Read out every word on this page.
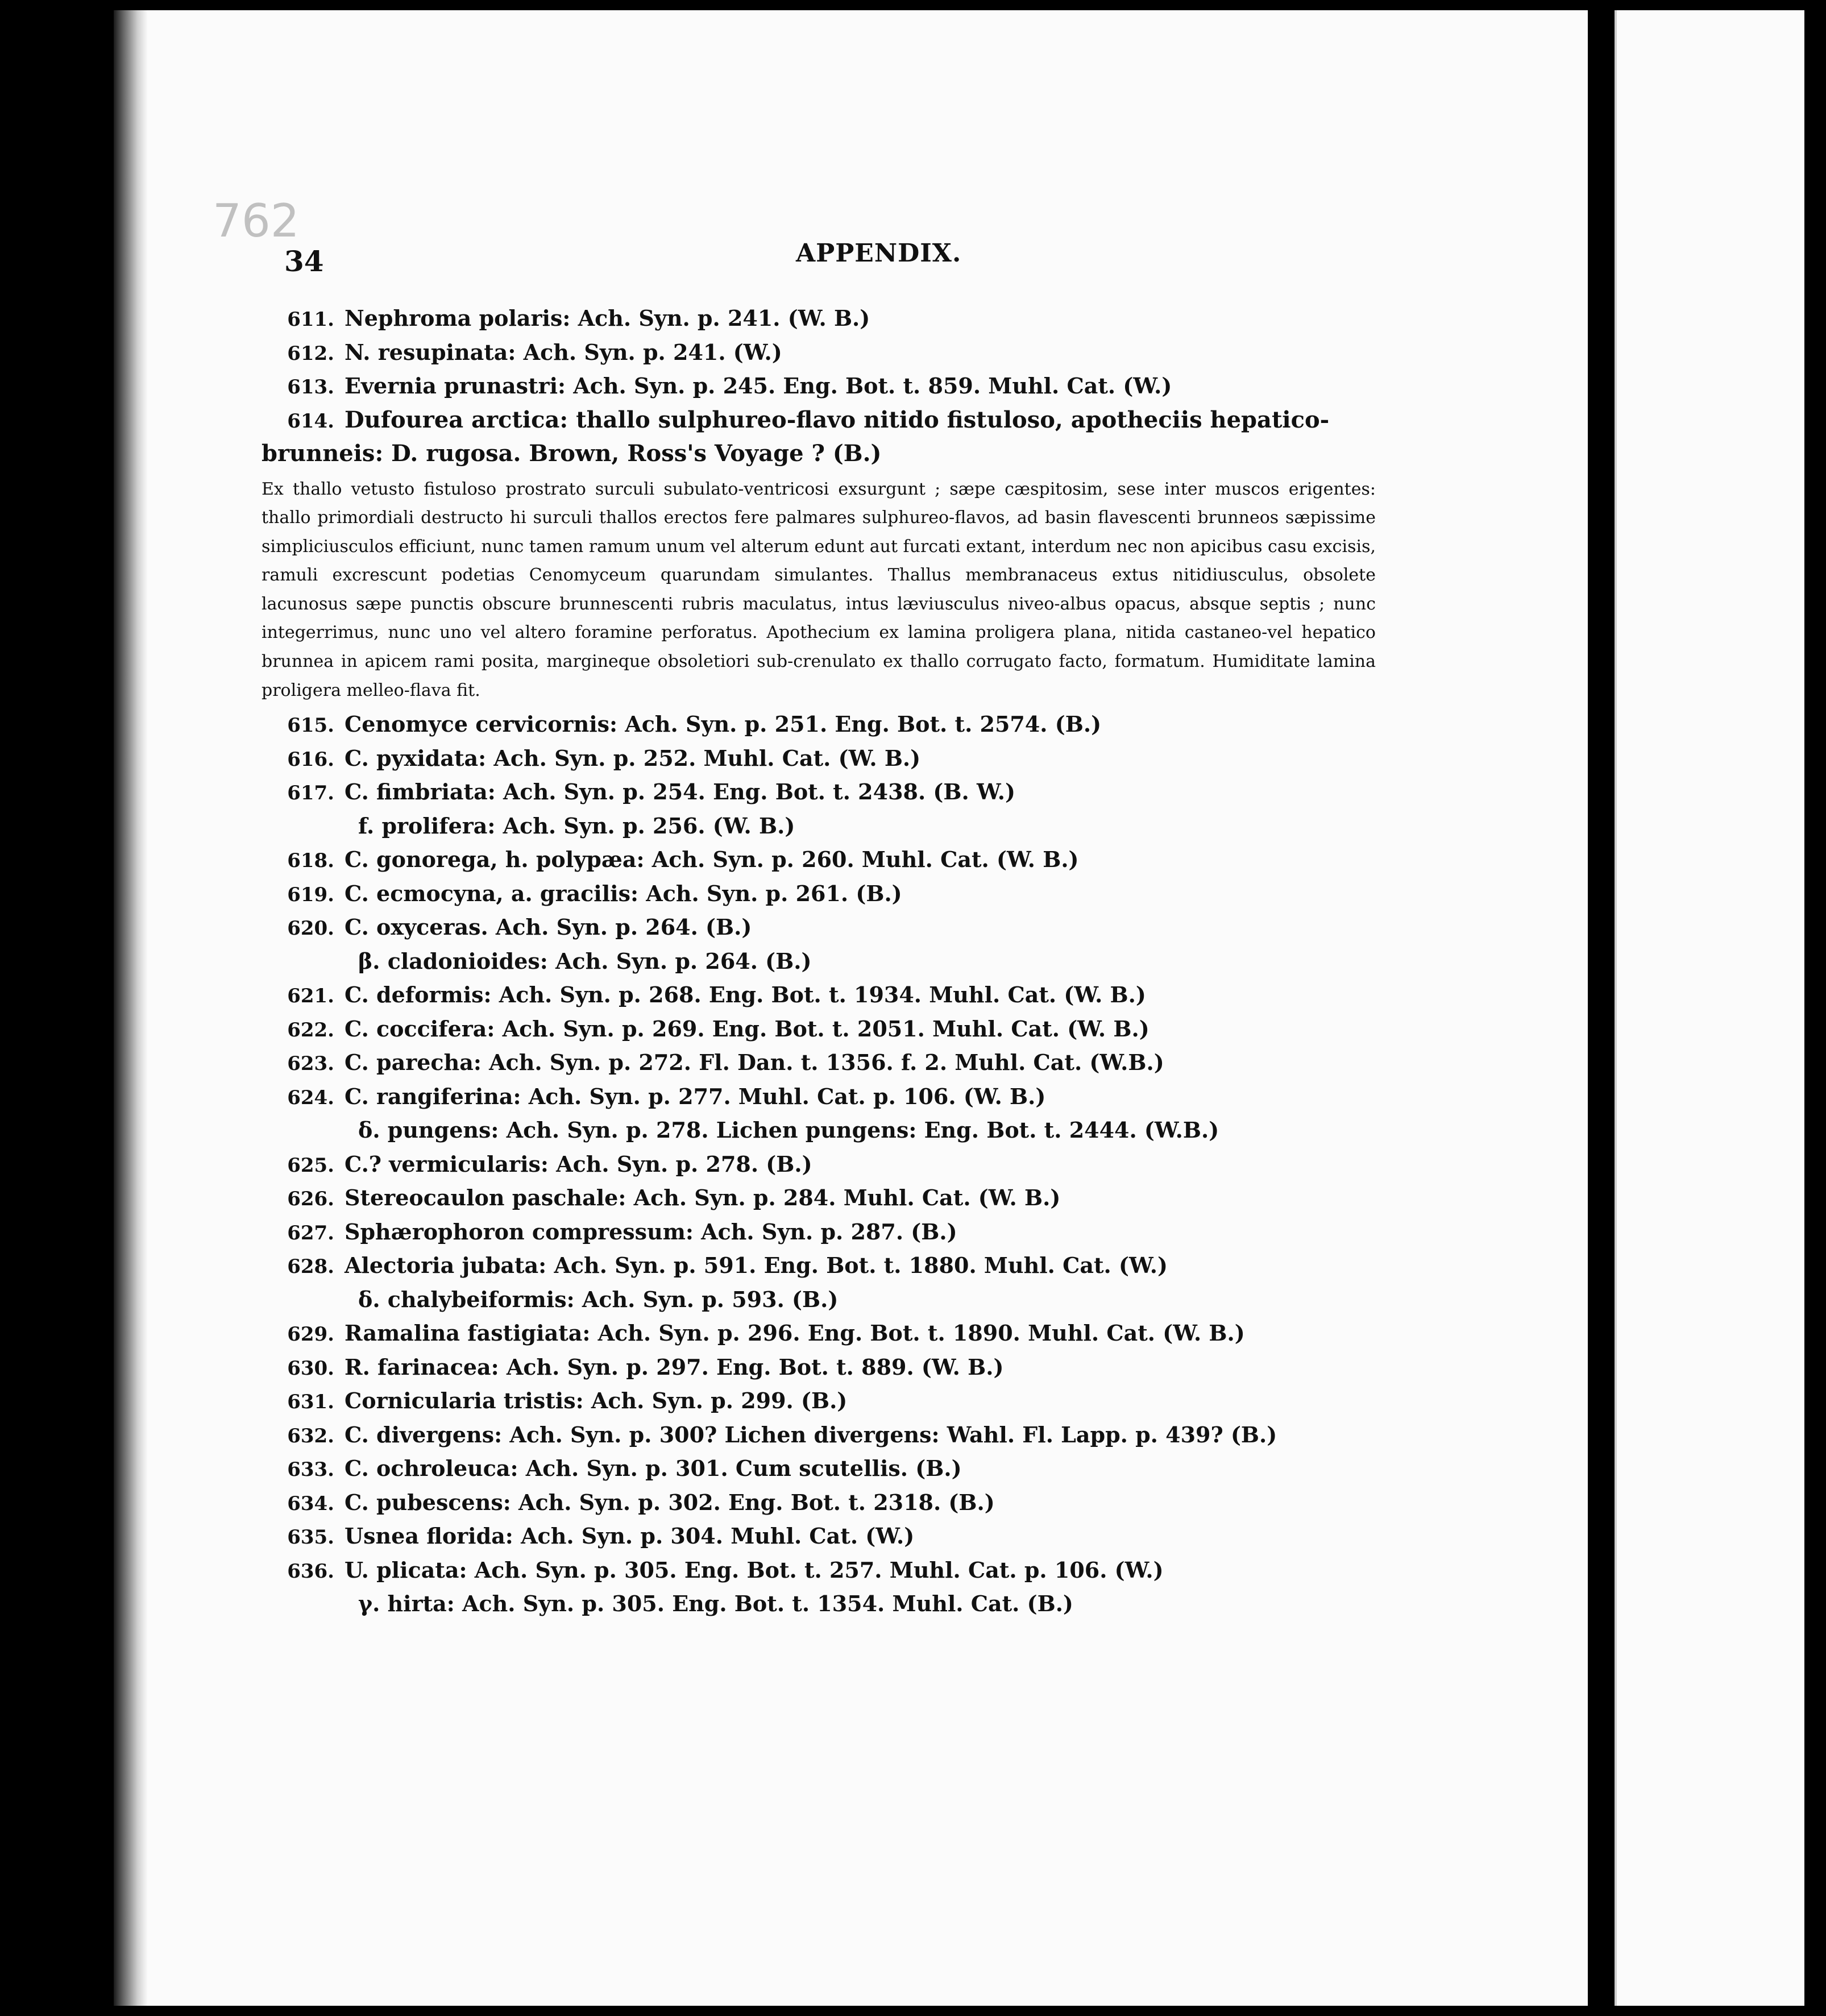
762
34	APPENDIX.
611. Nephroma polaris: Ach. Syn. p. 241. (W. B.)
612. N. resupinata: Ach. Syn. p. 241. (W.)
613. Evernia prunastri: Ach. Syn. p. 245. Eng. Bot. t. 859. Muhl. Cat. (W.)
614. Dufourea arctica: thallo sulphureo-flavo nitido fistuloso, apotheciis hepatico-
brunneis: D. rugosa. Brown, Ross's Voyage ? (B.)
Ex thallo vetusto fistuloso prostrato surculi subulato-ventricosi exsurgunt ; sæpe cæspitosim, sese inter muscos erigentes: thallo primordiali destructo hi surculi thallos erectos fere palmares sulphureo-flavos, ad basin flavescenti brunneos sæpissime simpliciusculos efficiunt, nunc tamen ramum unum vel alterum edunt aut furcati extant, interdum nec non apicibus casu excisis, ramuli excrescunt podetias Cenomyceum quarundam simulantes. Thallus membranaceus extus nitidiusculus, obsolete lacunosus sæpe punctis obscure brunnescenti rubris maculatus, intus læviusculus niveo-albus opacus, absque septis ; nunc integerrimus, nunc uno vel altero foramine perforatus. Apothecium ex lamina proligera plana, nitida castaneo-vel hepatico brunnea in apicem rami posita, margineque obsoletiori sub-crenulato ex thallo corrugato facto, formatum. Humiditate lamina proligera melleo-flava fit.
615. Cenomyce cervicornis: Ach. Syn. p. 251. Eng. Bot. t. 2574. (B.)
616. C. pyxidata: Ach. Syn. p. 252. Muhl. Cat. (W. B.)
617. C. fimbriata: Ach. Syn. p. 254. Eng. Bot. t. 2438. (B. W.)
f. prolifera: Ach. Syn. p. 256. (W. B.)
618. C. gonorega, h. polypæa: Ach. Syn. p. 260. Muhl. Cat. (W. B.)
619. C. ecmocyna, a. gracilis: Ach. Syn. p. 261. (B.)
620. C. oxyceras. Ach. Syn. p. 264. (B.)
β. cladonioides: Ach. Syn. p. 264. (B.)
621. C. deformis: Ach. Syn. p. 268. Eng. Bot. t. 1934. Muhl. Cat. (W. B.)
622. C. coccifera: Ach. Syn. p. 269. Eng. Bot. t. 2051. Muhl. Cat. (W. B.)
623. C. parecha: Ach. Syn. p. 272. Fl. Dan. t. 1356. f. 2. Muhl. Cat. (W.B.)
624. C. rangiferina: Ach. Syn. p. 277. Muhl. Cat. p. 106. (W. B.)
δ. pungens: Ach. Syn. p. 278. Lichen pungens: Eng. Bot. t. 2444. (W.B.)
625. C.? vermicularis: Ach. Syn. p. 278. (B.)
626. Stereocaulon paschale: Ach. Syn. p. 284. Muhl. Cat. (W. B.)
627. Sphærophoron compressum: Ach. Syn. p. 287. (B.)
628. Alectoria jubata: Ach. Syn. p. 591. Eng. Bot. t. 1880. Muhl. Cat. (W.)
δ. chalybeiformis: Ach. Syn. p. 593. (B.)
629. Ramalina fastigiata: Ach. Syn. p. 296. Eng. Bot. t. 1890. Muhl. Cat. (W. B.)
630. R. farinacea: Ach. Syn. p. 297. Eng. Bot. t. 889. (W. B.)
631. Cornicularia tristis: Ach. Syn. p. 299. (B.)
632. C. divergens: Ach. Syn. p. 300? Lichen divergens: Wahl. Fl. Lapp. p. 439? (B.)
633. C. ochroleuca: Ach. Syn. p. 301. Cum scutellis. (B.)
634. C. pubescens: Ach. Syn. p. 302. Eng. Bot. t. 2318. (B.)
635. Usnea florida: Ach. Syn. p. 304. Muhl. Cat. (W.)
636. U. plicata: Ach. Syn. p. 305. Eng. Bot. t. 257. Muhl. Cat. p. 106. (W.)
γ. hirta: Ach. Syn. p. 305. Eng. Bot. t. 1354. Muhl. Cat. (B.)
